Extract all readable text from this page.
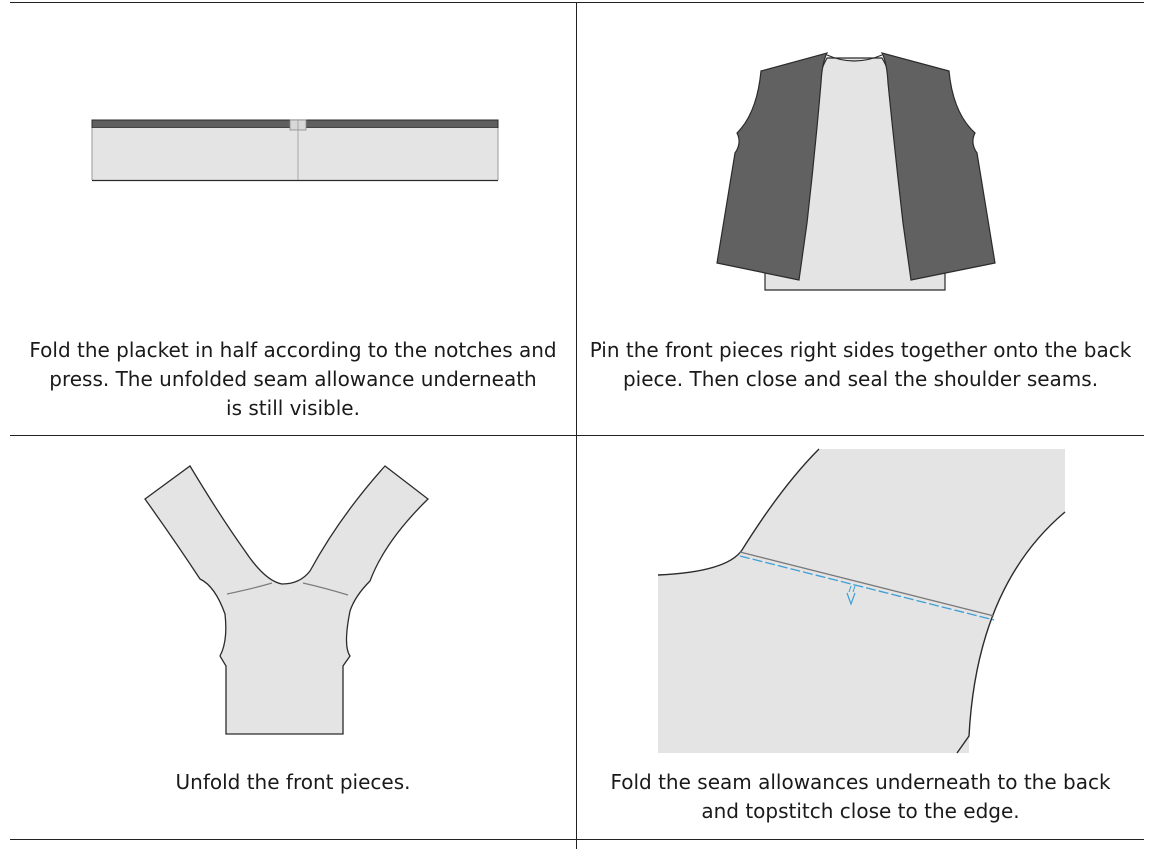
Fold the placket in half according to the notches and
press. The unfolded seam allowance underneath
is still visible.
Pin the front pieces right sides together onto the back
piece. Then close and seal the shoulder seams.
Unfold the front pieces.	Fold the seam allowances underneath to the back
and topstitch close to the edge.
